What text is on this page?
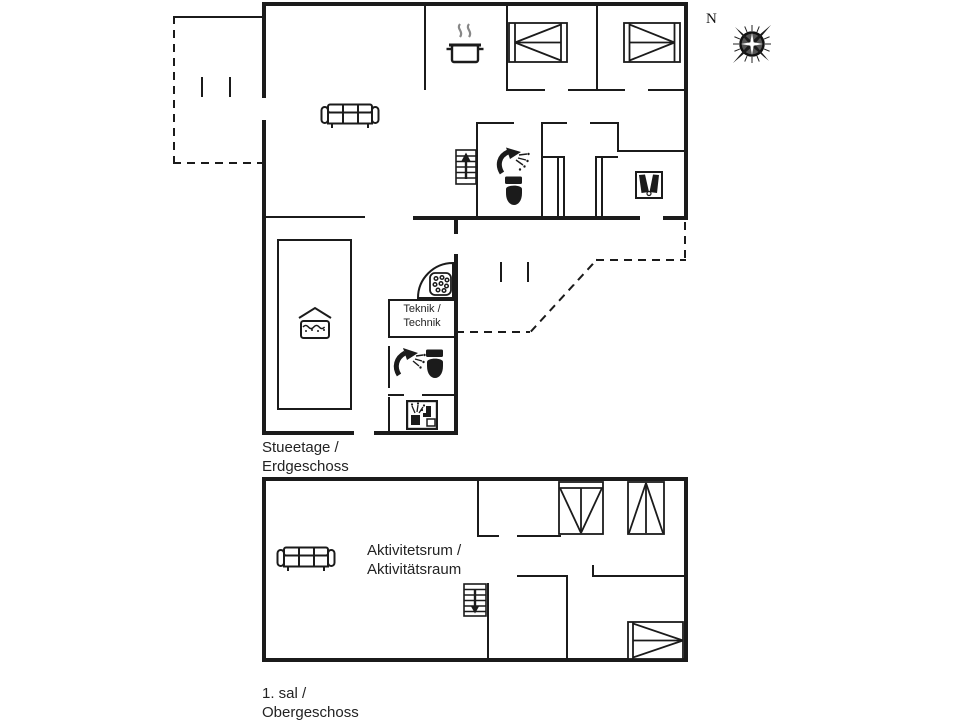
Teknik /
Technik
Stueetage /
Erdgeschoss
N
Aktivitetsrum /
Aktivitätsraum
1. sal /
Obergeschoss
